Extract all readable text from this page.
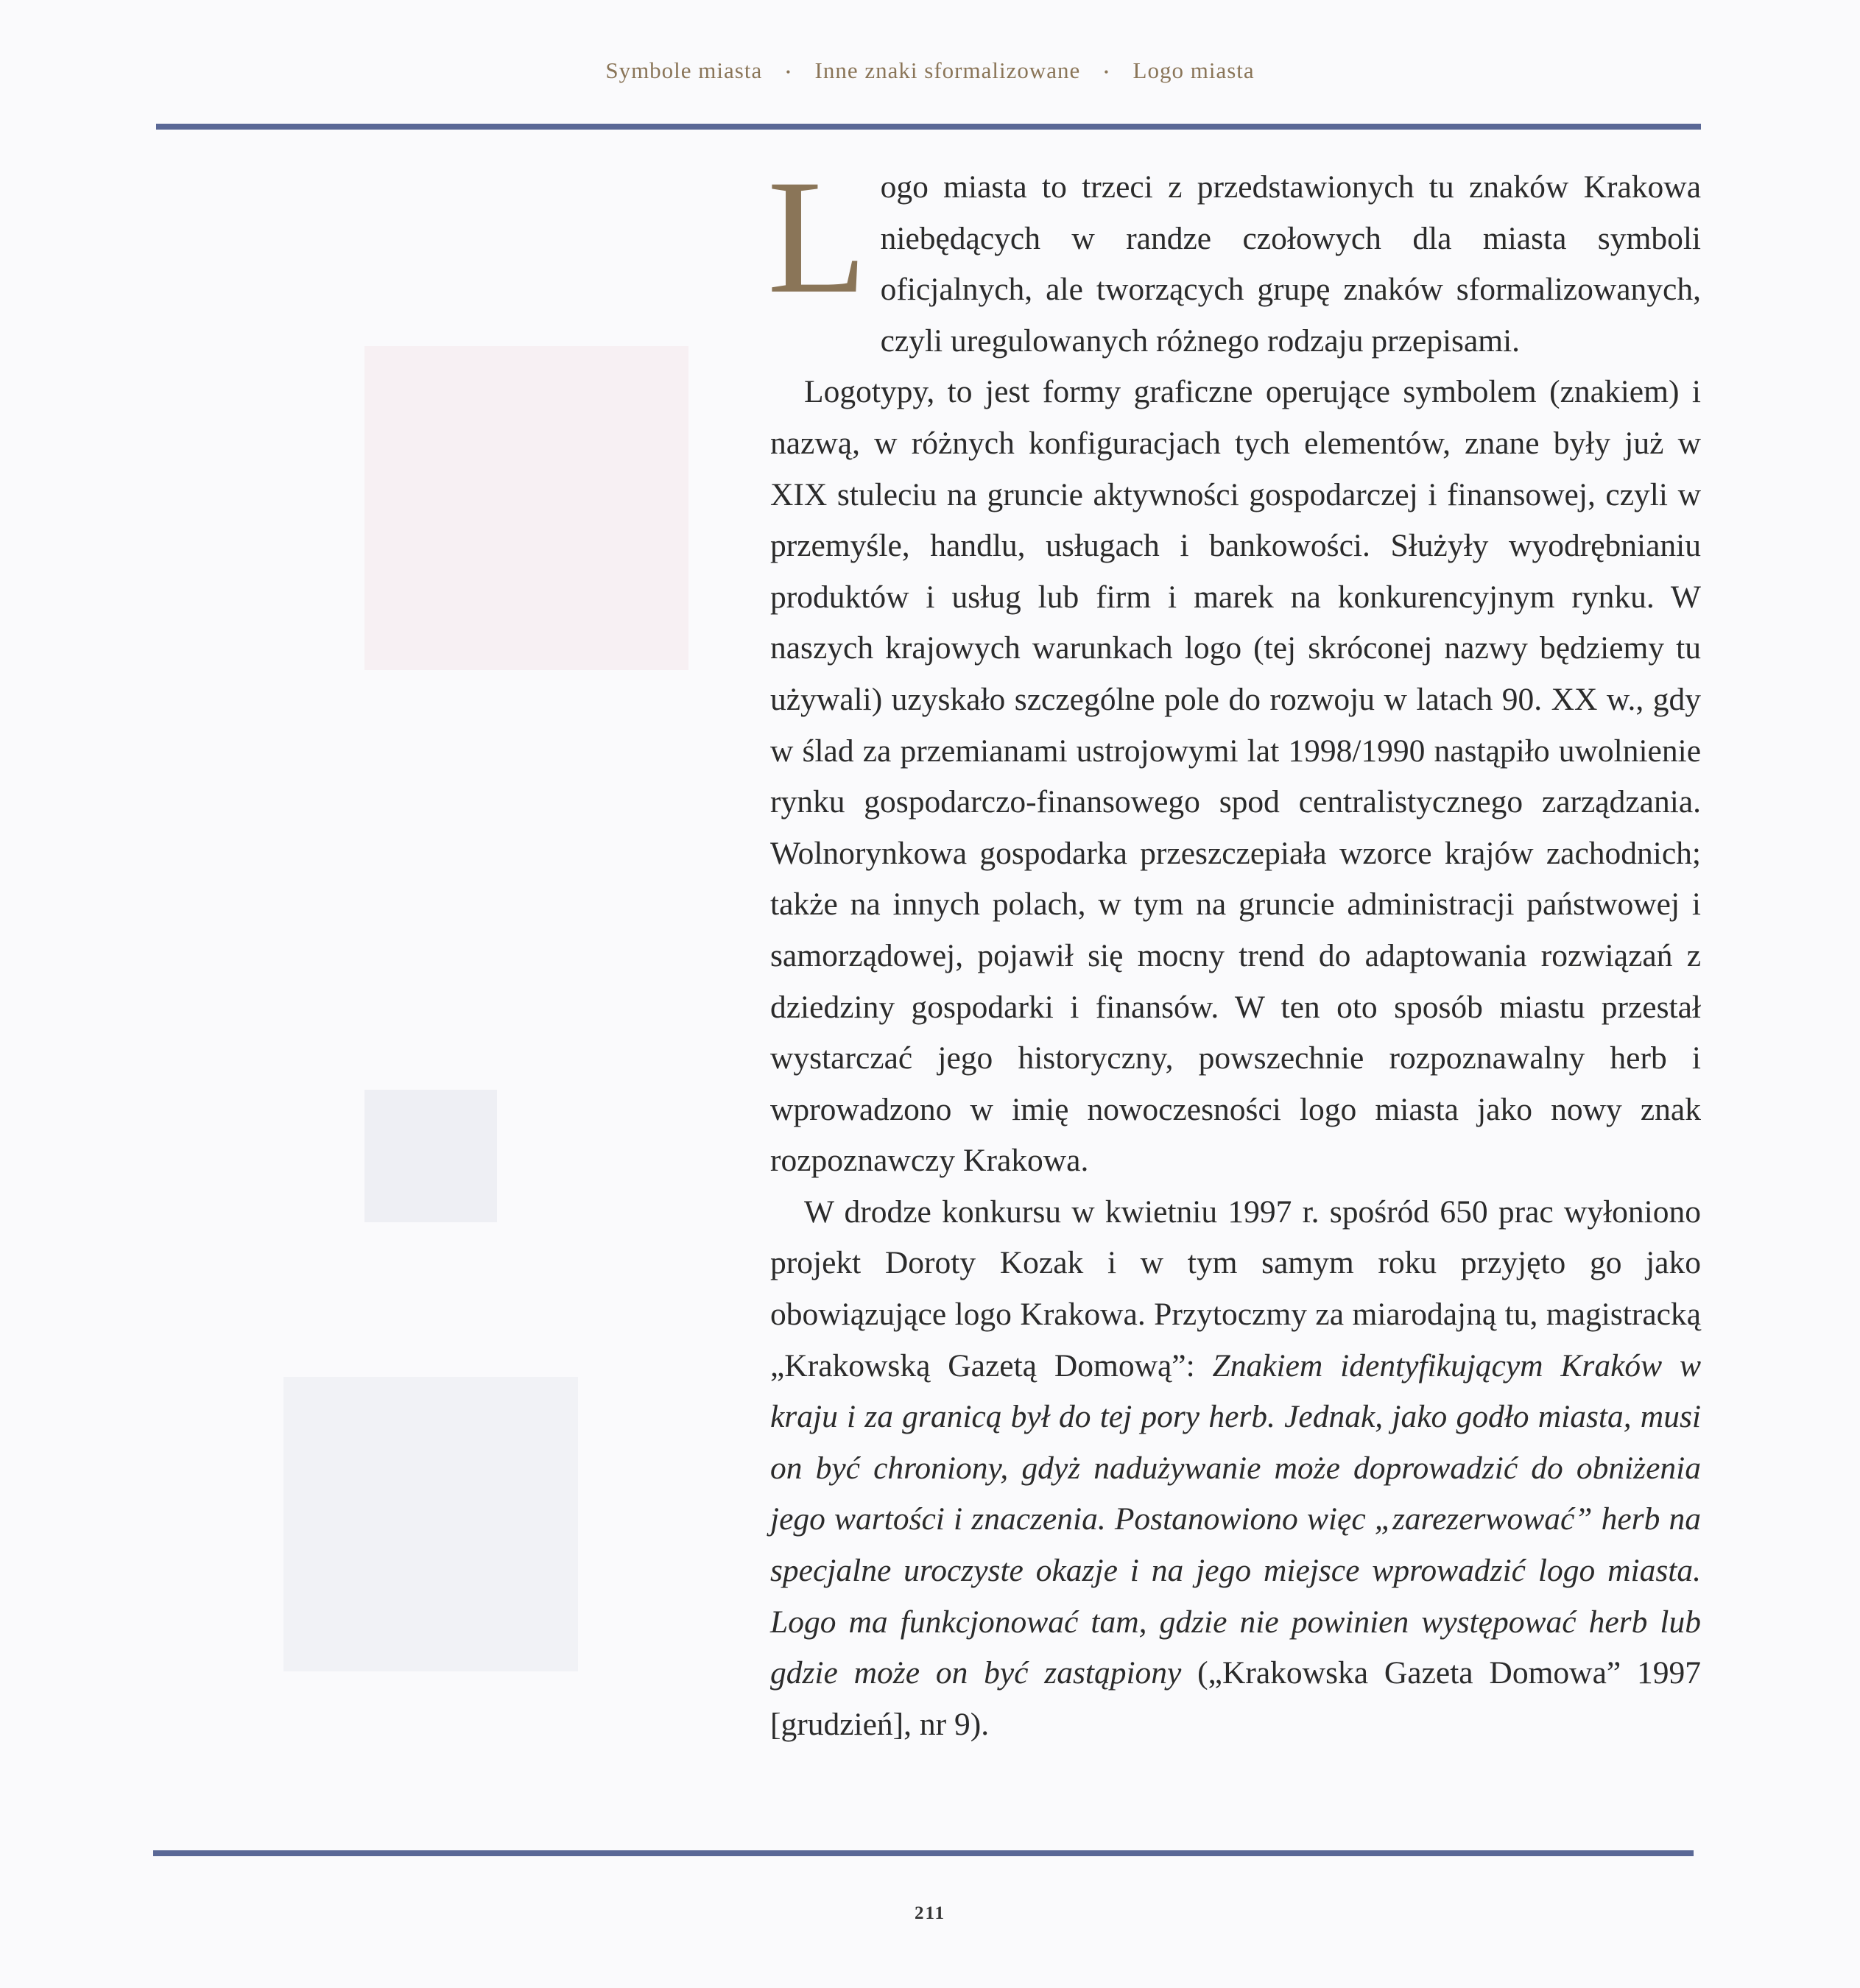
Symbole miasta • Inne znaki sformalizowane • Logo miasta

Logo miasta to trzeci z przedstawionych tu znaków Krakowa niebędących w randze czołowych dla miasta symboli oficjalnych, ale tworzących grupę znaków sformalizowanych, czyli uregulowanych różnego rodzaju przepisami.

Logotypy, to jest formy graficzne operujące symbolem (znakiem) i nazwą, w różnych konfiguracjach tych elementów, znane były już w XIX stuleciu na gruncie aktywności gospodarczej i finansowej, czyli w przemyśle, handlu, usługach i bankowości. Służyły wyodrębnianiu produktów i usług lub firm i marek na konkurencyjnym rynku. W naszych krajowych warunkach logo (tej skróconej nazwy będziemy tu używali) uzyskało szczególne pole do rozwoju w latach 90. XX w., gdy w ślad za przemianami ustrojowymi lat 1998/1990 nastąpiło uwolnienie rynku gospodarczo-finansowego spod centralistycznego zarządzania. Wolnorynkowa gospodarka przeszczepiała wzorce krajów zachodnich; także na innych polach, w tym na gruncie administracji państwowej i samorządowej, pojawił się mocny trend do adaptowania rozwiązań z dziedziny gospodarki i finansów. W ten oto sposób miastu przestał wystarczać jego historyczny, powszechnie rozpoznawalny herb i wprowadzono w imię nowoczesności logo miasta jako nowy znak rozpoznawczy Krakowa.

W drodze konkursu w kwietniu 1997 r. spośród 650 prac wyłoniono projekt Doroty Kozak i w tym samym roku przyjęto go jako obowiązujące logo Krakowa. Przytoczmy za miarodajną tu, magistracką „Krakowską Gazetą Domową”: Znakiem identyfikującym Kraków w kraju i za granicą był do tej pory herb. Jednak, jako godło miasta, musi on być chroniony, gdyż nadużywanie może doprowadzić do obniżenia jego wartości i znaczenia. Postanowiono więc „zarezerwować” herb na specjalne uroczyste okazje i na jego miejsce wprowadzić logo miasta. Logo ma funkcjonować tam, gdzie nie powinien występować herb lub gdzie może on być zastąpiony („Krakowska Gazeta Domowa” 1997 [grudzień], nr 9).

211
